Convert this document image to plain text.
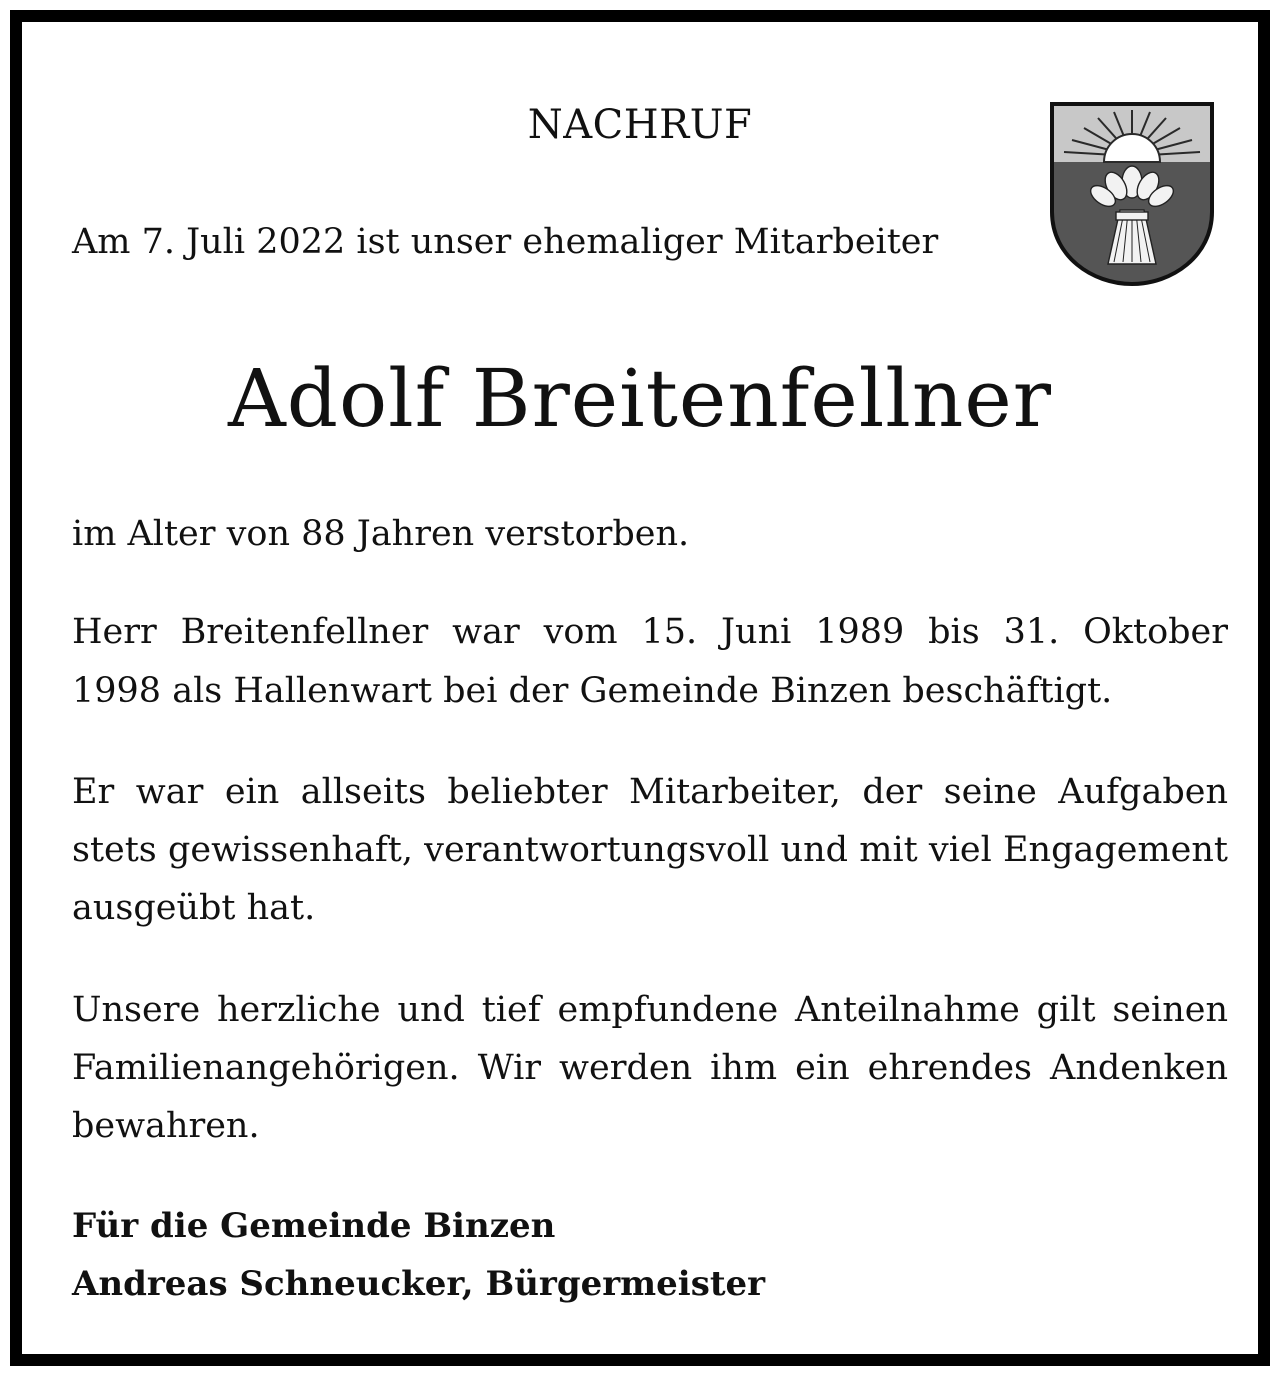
NACHRUF
Am 7. Juli 2022 ist unser ehemaliger Mitarbeiter
Adolf Breitenfellner
im Alter von 88 Jahren verstorben.
Herr Breitenfellner war vom 15. Juni 1989 bis 31. Oktober
1998 als Hallenwart bei der Gemeinde Binzen beschäftigt.
Er war ein allseits beliebter Mitarbeiter, der seine Aufgaben
stets gewissenhaft, verantwortungsvoll und mit viel Engagement
ausgeübt hat.
Unsere herzliche und tief empfundene Anteilnahme gilt seinen
Familienangehörigen. Wir werden ihm ein ehrendes Andenken
bewahren.
Für die Gemeinde Binzen
Andreas Schneucker, Bürgermeister
